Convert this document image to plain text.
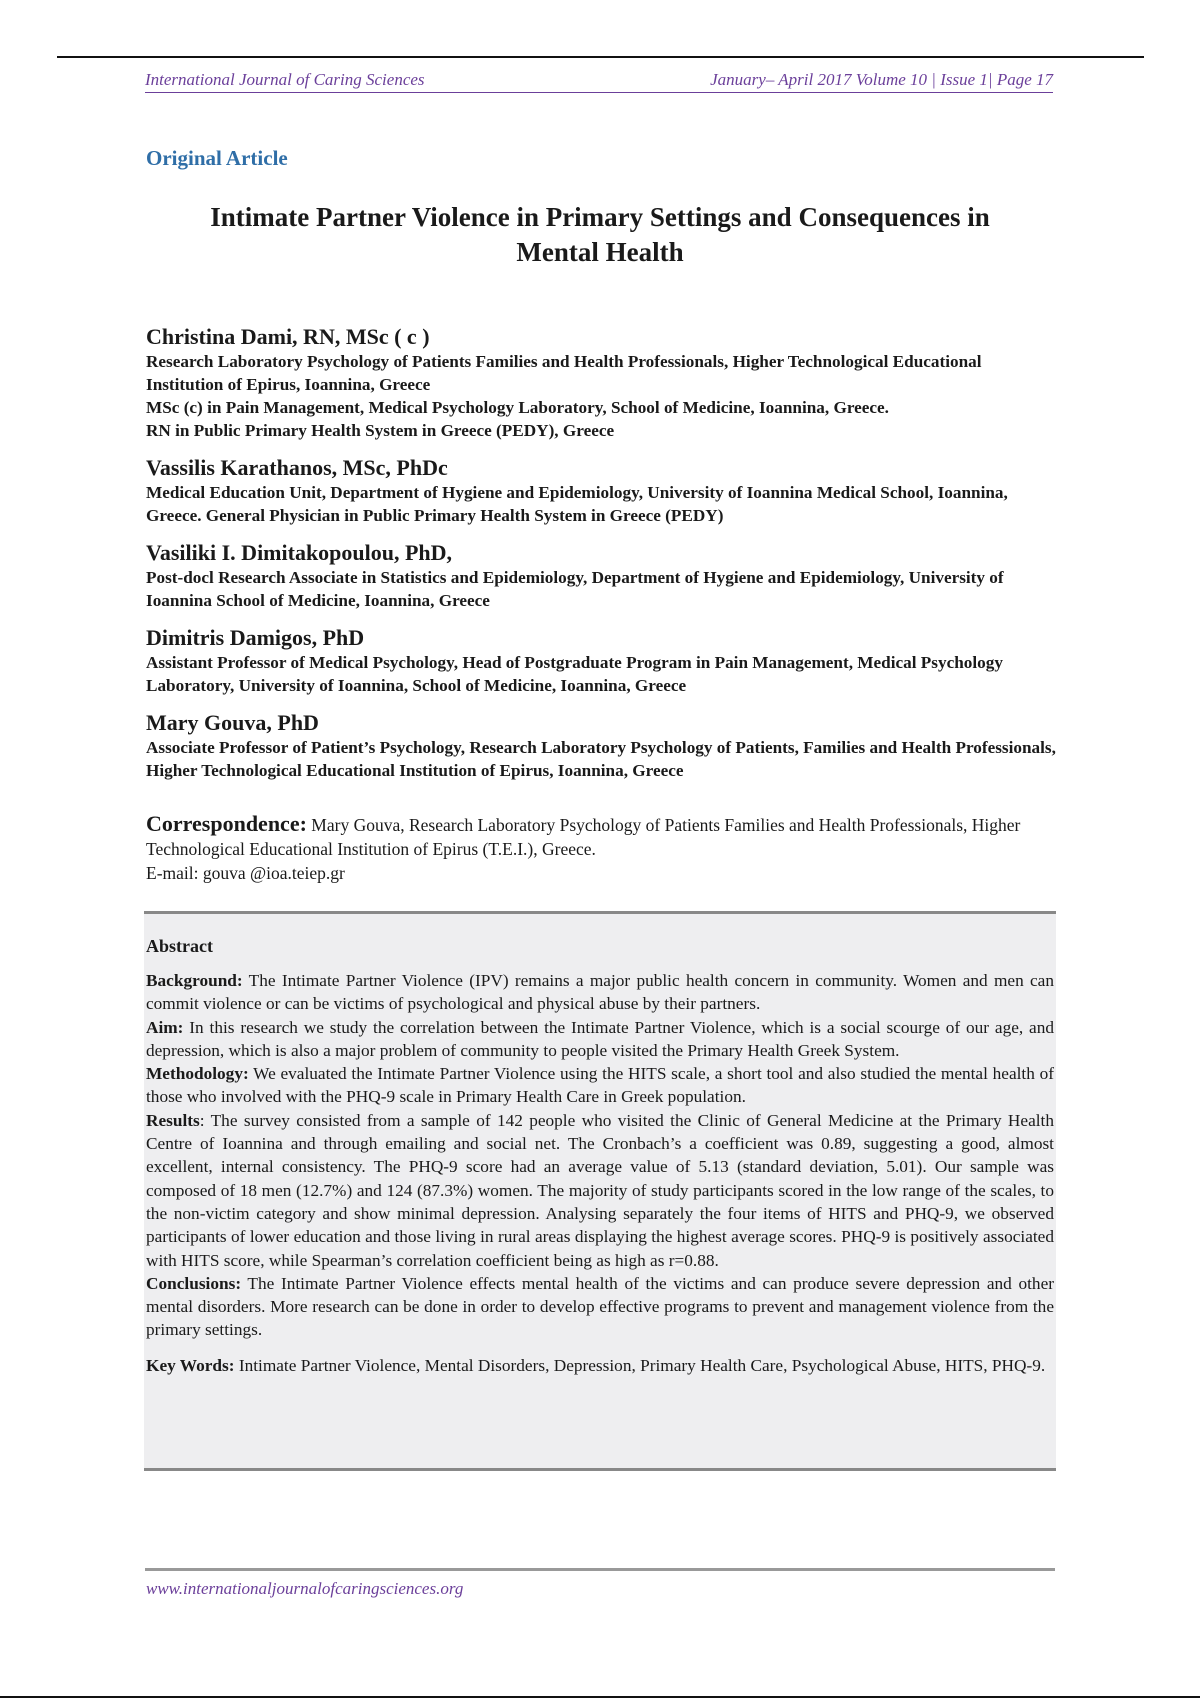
International Journal of Caring Sciences	January– April 2017 Volume 10 | Issue 1| Page 17
Original Article
Intimate Partner Violence in Primary Settings and Consequences in
Mental Health
Christina Dami, RN, MSc ( c )
Research Laboratory Psychology of Patients Families and Health Professionals, Higher Technological Educational Institution of Epirus, Ioannina, Greece
MSc (c) in Pain Management, Medical Psychology Laboratory, School of Medicine, Ioannina, Greece.
RN in Public Primary Health System in Greece (PEDY), Greece
Vassilis Karathanos, MSc, PhDc
Medical Education Unit, Department of Hygiene and Epidemiology, University of Ioannina Medical School, Ioannina, Greece. General Physician in Public Primary Health System in Greece (PEDY)
Vasiliki I. Dimitakopoulou, PhD,
Post-docl Research Associate in Statistics and Epidemiology, Department of Hygiene and Epidemiology, University of Ioannina School of Medicine, Ioannina, Greece
Dimitris Damigos, PhD
Assistant Professor of Medical Psychology, Head of Postgraduate Program in Pain Management, Medical Psychology Laboratory, University of Ioannina, School of Medicine, Ioannina, Greece
Mary Gouva, PhD
Associate Professor of Patient’s Psychology, Research Laboratory Psychology of Patients, Families and Health Professionals, Higher Technological Educational Institution of Epirus, Ioannina, Greece
Correspondence: Mary Gouva, Research Laboratory Psychology of Patients Families and Health Professionals, Higher Technological Educational Institution of Epirus (T.E.I.), Greece.
E-mail: gouva @ioa.teiep.gr
Abstract

Background: The Intimate Partner Violence (IPV) remains a major public health concern in community. Women and men can commit violence or can be victims of psychological and physical abuse by their partners.

Aim: In this research we study the correlation between the Intimate Partner Violence, which is a social scourge of our age, and depression, which is also a major problem of community to people visited the Primary Health Greek System.

Methodology: We evaluated the Intimate Partner Violence using the HITS scale, a short tool and also studied the mental health of those who involved with the PHQ-9 scale in Primary Health Care in Greek population.

Results: The survey consisted from a sample of 142 people who visited the Clinic of General Medicine at the Primary Health Centre of Ioannina and through emailing and social net. The Cronbach’s a coefficient was 0.89, suggesting a good, almost excellent, internal consistency. The PHQ-9 score had an average value of 5.13 (standard deviation, 5.01). Our sample was composed of 18 men (12.7%) and 124 (87.3%) women. The majority of study participants scored in the low range of the scales, to the non-victim category and show minimal depression. Analysing separately the four items of HITS and PHQ-9, we observed participants of lower education and those living in rural areas displaying the highest average scores. PHQ-9 is positively associated with HITS score, while Spearman’s correlation coefficient being as high as r=0.88.

Conclusions: The Intimate Partner Violence effects mental health of the victims and can produce severe depression and other mental disorders. More research can be done in order to develop effective programs to prevent and management violence from the primary settings.

Key Words: Intimate Partner Violence, Mental Disorders, Depression, Primary Health Care, Psychological Abuse, HITS, PHQ-9.

www.internationaljournalofcaringsciences.org
